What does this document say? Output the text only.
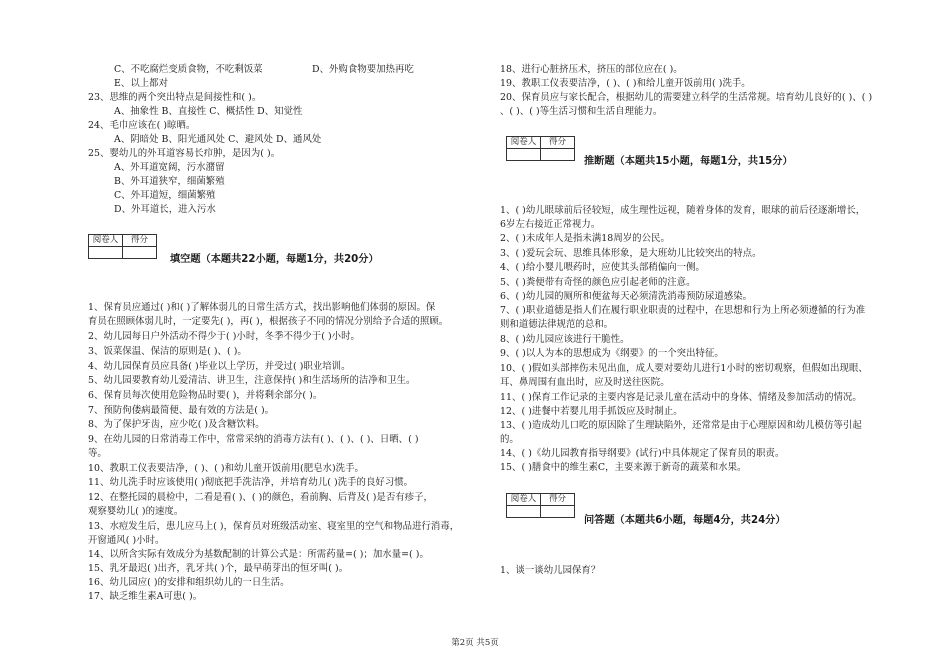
C、不吃腐烂变质食物，不吃剩饭菜	D、外购食物要加热再吃
E、以上都对
23、思维的两个突出特点是间接性和( )。
A、抽象性 B、直接性 C、概括性 D、知觉性
24、毛巾应该在( )晾晒。
A、阴暗处 B、阳光通风处 C、避风处 D、通风处
25、婴幼儿的外耳道容易长疖肿，是因为( )。
A、外耳道宽阔，污水潴留
B、外耳道狭窄，细菌繁殖
C、外耳道短，细菌繁殖
D、外耳道长，进入污水
阅卷人	得分

填空题（本题共22小题，每题1分，共20分）
1、保育员应通过( )和( )了解体弱儿的日常生活方式，找出影响他们体弱的原因。保
育员在照顾体弱儿时，一定要先( )，再( )，根据孩子不同的情况分别给予合适的照顾。
2、幼儿园每日户外活动不得少于( )小时，冬季不得少于( )小时。
3、饭菜保温、保洁的原则是( )、( )。
4、幼儿园保育员应具备( )毕业以上学历，并受过( )职业培训。
5、幼儿园要教育幼儿爱清洁、讲卫生，注意保持( )和生活场所的洁净和卫生。
6、保育员每次使用危险物品时要( )，并将剩余部分( )。
7、预防佝偻病最简便、最有效的方法是( )。
8、为了保护牙齿，应少吃( )及含糖饮料。
9、在幼儿园的日常消毒工作中，常常采纳的消毒方法有( )、( )、( )、日晒、( )
等。
10、教职工仪表要洁净，( )、( )和幼儿童开饭前用(肥皂水)洗手。
11、幼儿洗手时应该使用( )彻底把手洗洁净，并培育幼儿( )洗手的良好习惯。
12、在整托园的晨检中，二看是看( )、( )的颜色，看前胸、后背及( )是否有疹子，
观察婴幼儿( )的速度。
13、水痘发生后，患儿应马上( )，保育员对班级活动室、寝室里的空气和物品进行消毒，
开窗通风( )小时。
14、以所含实际有效成分为基数配制的计算公式是：所需药量=( )；加水量=( )。
15、乳牙最迟( )出齐，乳牙共( )个，最早萌芽出的恒牙叫( )。
16、幼儿园应( )的安排和组织幼儿的一日生活。
17、缺乏维生素A可患( )。
18、进行心脏挤压术，挤压的部位应在( )。
19、教职工仪表要洁净，( )、( )和给儿童开饭前用( )洗手。
20、保育员应与家长配合，根据幼儿的需要建立科学的生活常规。培育幼儿良好的( )、( )
、( )、( )等生活习惯和生活自理能力。
阅卷人	得分

推断题（本题共15小题，每题1分，共15分）
1、( )幼儿眼球前后径较短，成生理性远视，随着身体的发育，眼球的前后径逐渐增长，
6岁左右接近正常视力。
2、( )未成年人是指未满18周岁的公民。
3、( )爱玩会玩、思维具体形象，是大班幼儿比较突出的特点。
4、( )给小婴儿喂药时，应使其头部稍偏向一侧。
5、( )粪便带有奇怪的颜色应引起老师的注意。
6、( )幼儿园的厕所和便盆每天必须清洗消毒预防尿道感染。
7、( )职业道德是指人们在履行职业职责的过程中，在思想和行为上所必须遵循的行为准
则和道德法律规范的总和。
8、( )幼儿园应该进行干脆性。
9、( )以人为本的思想成为《纲要》的一个突出特征。
10、( )假如头部摔伤未见出血，成人要对要幼儿进行1小时的密切观察，但假如出现眼、
耳、鼻周围有血出时，应及时送往医院。
11、( )保育工作记录的主要内容是记录儿童在活动中的身体、情绪及参加活动的情况。
12、( )进餐中若婴儿用手抓饭应及时制止。
13、( )造成幼儿口吃的原因除了生理缺陷外，还常常是由于心理原因和幼儿模仿等引起
的。
14、( )《幼儿园教育指导纲要》(试行)中具体规定了保育员的职责。
15、( )膳食中的维生素C，主要来源于新奇的蔬菜和水果。
阅卷人	得分

问答题（本题共6小题，每题4分，共24分）
1、谈一谈幼儿园保育？
第2页 共5页
